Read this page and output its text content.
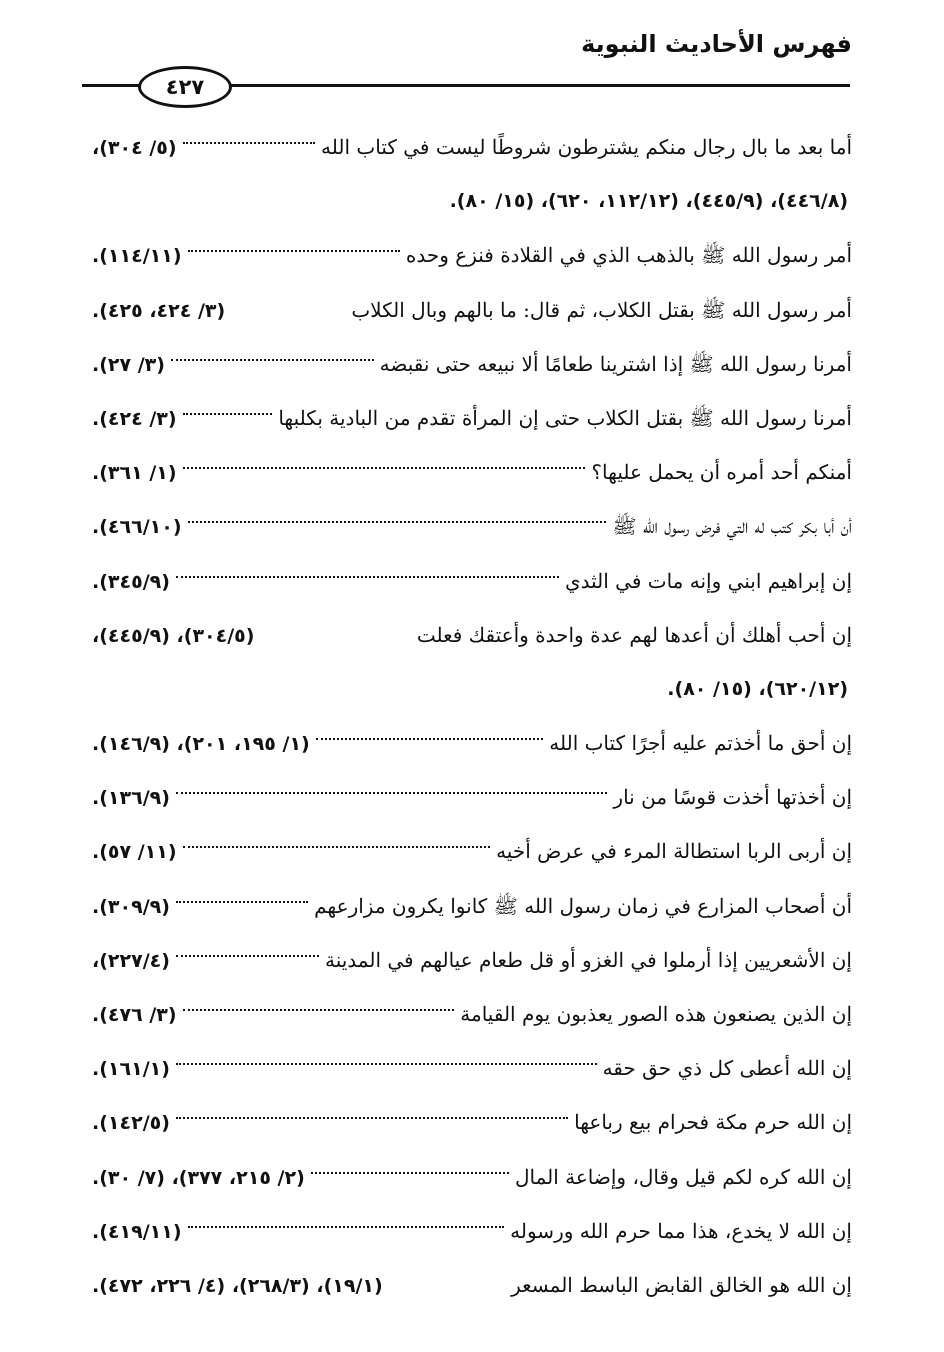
فهرس الأحاديث النبوية
٤٢٧
أما بعد ما بال رجال منكم يشترطون شروطًا ليست في كتاب الله
(٥/ ٣٠٤)،
(٤٤٦/٨)، (٤٤٥/٩)، (١١٢/١٢، ٦٢٠)، (١٥/ ٨٠).
أمر رسول الله ﷺ بالذهب الذي في القلادة فنزع وحده
(١١٤/١١).
أمر رسول الله ﷺ بقتل الكلاب، ثم قال: ما بالهم وبال الكلاب
(٣/ ٤٢٤، ٤٢٥).
أمرنا رسول الله ﷺ إذا اشترينا طعامًا ألا نبيعه حتى نقبضه
(٣/ ٢٧).
أمرنا رسول الله ﷺ بقتل الكلاب حتى إن المرأة تقدم من البادية بكلبها
(٣/ ٤٢٤).
أمنكم أحد أمره أن يحمل عليها؟
(١/ ٣٦١).
أن أبا بكر كتب له التي فرض رسول الله ﷺ
(٤٦٦/١٠).
إن إبراهيم ابني وإنه مات في الثدي
(٣٤٥/٩).
إن أحب أهلك أن أعدها لهم عدة واحدة وأعتقك فعلت
(٣٠٤/٥)، (٤٤٥/٩)،
(٦٢٠/١٢)، (١٥/ ٨٠).
إن أحق ما أخذتم عليه أجرًا كتاب الله
(١/ ١٩٥، ٢٠١)، (١٤٦/٩).
إن أخذتها أخذت قوسًا من نار
(١٣٦/٩).
إن أربى الربا استطالة المرء في عرض أخيه
(١١/ ٥٧).
أن أصحاب المزارع في زمان رسول الله ﷺ كانوا يكرون مزارعهم
(٣٠٩/٩).
إن الأشعريين إذا أرملوا في الغزو أو قل طعام عيالهم في المدينة
(٢٢٧/٤)،
إن الذين يصنعون هذه الصور يعذبون يوم القيامة
(٣/ ٤٧٦).
إن الله أعطى كل ذي حق حقه
(١٦١/١).
إن الله حرم مكة فحرام بيع رباعها
(١٤٢/٥).
إن الله كره لكم قيل وقال، وإضاعة المال
(٢/ ٢١٥، ٣٧٧)، (٧/ ٣٠).
إن الله لا يخدع، هذا مما حرم الله ورسوله
(٤١٩/١١).
إن الله هو الخالق القابض الباسط المسعر
(١٩/١)، (٢٦٨/٣)، (٤/ ٢٢٦، ٤٧٢).
